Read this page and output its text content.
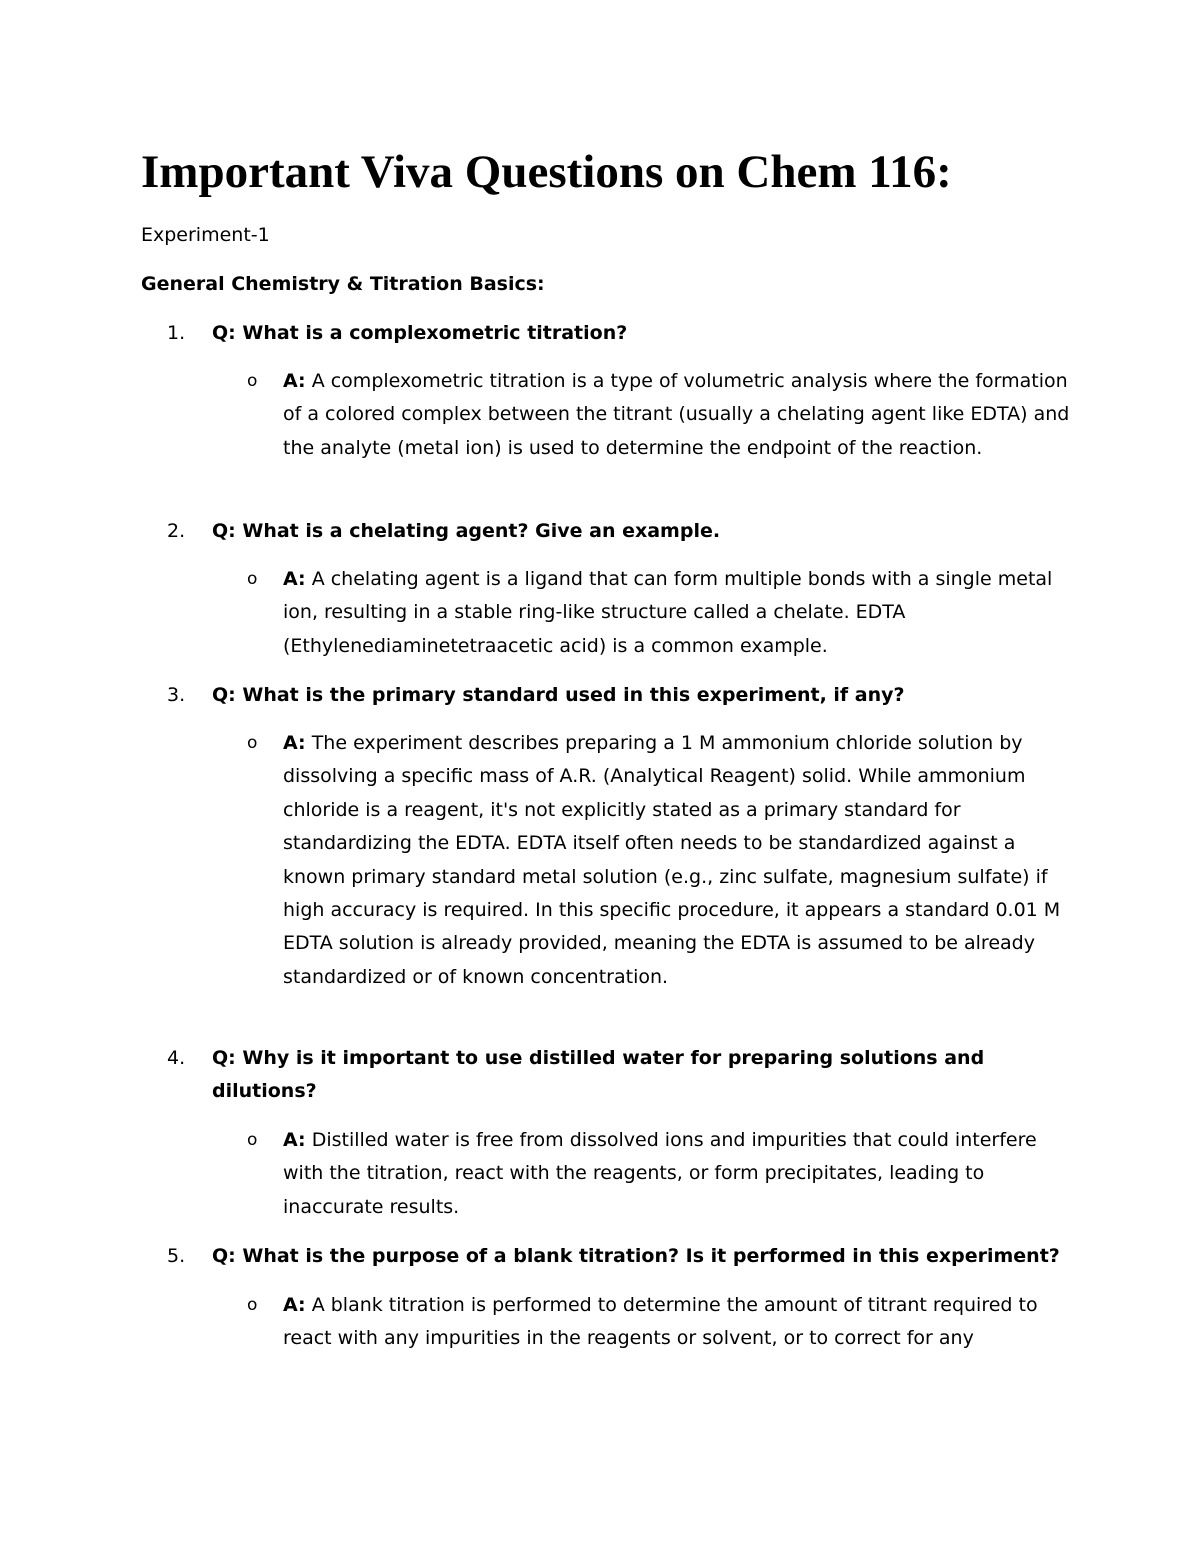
Important Viva Questions on Chem 116:
Experiment-1
General Chemistry & Titration Basics:
1.	Q: What is a complexometric titration?
o A: A complexometric titration is a type of volumetric analysis where the formation of a colored complex between the titrant (usually a chelating agent like EDTA) and the analyte (metal ion) is used to determine the endpoint of the reaction.
2.	Q: What is a chelating agent? Give an example.
o A: A chelating agent is a ligand that can form multiple bonds with a single metal ion, resulting in a stable ring-like structure called a chelate. EDTA (Ethylenediaminetetraacetic acid) is a common example.
3.	Q: What is the primary standard used in this experiment, if any?
o A: The experiment describes preparing a 1 M ammonium chloride solution by dissolving a specific mass of A.R. (Analytical Reagent) solid. While ammonium chloride is a reagent, it's not explicitly stated as a primary standard for standardizing the EDTA. EDTA itself often needs to be standardized against a known primary standard metal solution (e.g., zinc sulfate, magnesium sulfate) if high accuracy is required. In this specific procedure, it appears a standard 0.01 M EDTA solution is already provided, meaning the EDTA is assumed to be already standardized or of known concentration.
4.	Q: Why is it important to use distilled water for preparing solutions and dilutions?
o A: Distilled water is free from dissolved ions and impurities that could interfere with the titration, react with the reagents, or form precipitates, leading to inaccurate results.
5.	Q: What is the purpose of a blank titration? Is it performed in this experiment?
o A: A blank titration is performed to determine the amount of titrant required to react with any impurities in the reagents or solvent, or to correct for any
